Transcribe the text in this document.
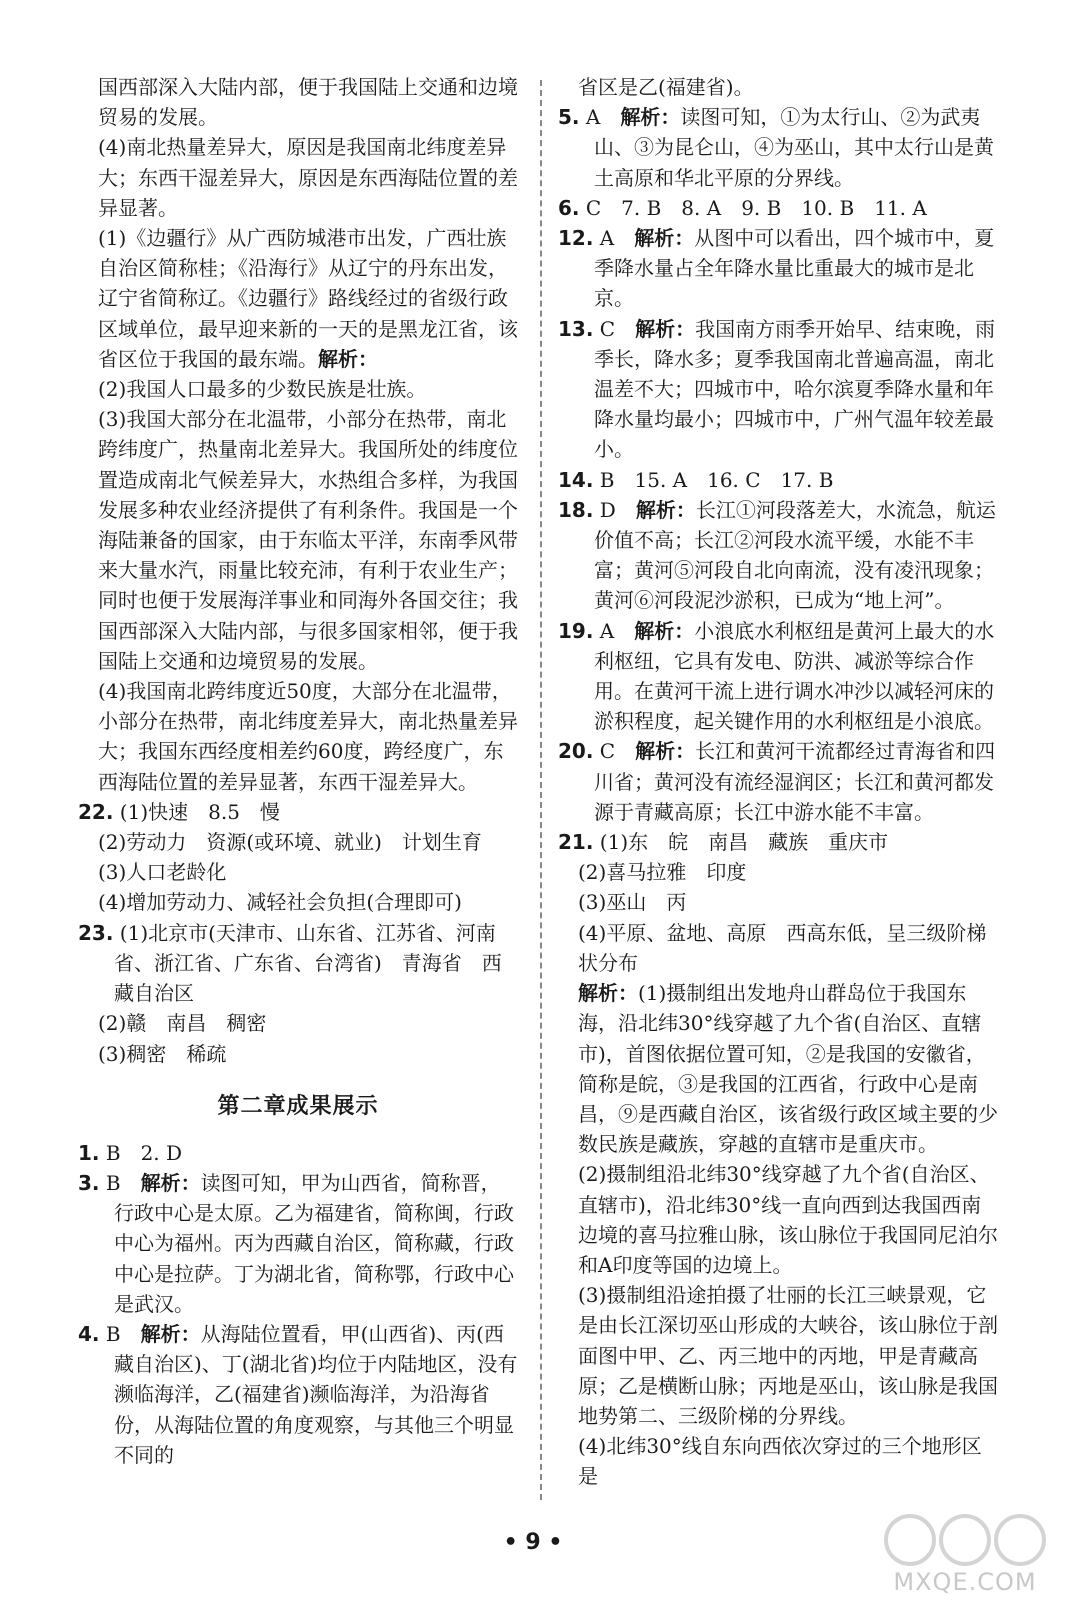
国西部深入大陆内部，便于我国陆上交通和边境贸易的发展。
(4)南北热量差异大，原因是我国南北纬度差异大；东西干湿差异大，原因是东西海陆位置的差异显著。
(1)《边疆行》从广西防城港市出发，广西壮族自治区简称桂；《沿海行》从辽宁的丹东出发，辽宁省简称辽。《边疆行》路线经过的省级行政区域单位，最早迎来新的一天的是黑龙江省，该省区位于我国的最东端。解析：
(2)我国人口最多的少数民族是壮族。
(3)我国大部分在北温带，小部分在热带，南北跨纬度广，热量南北差异大。我国所处的纬度位置造成南北气候差异大，水热组合多样，为我国发展多种农业经济提供了有利条件。我国是一个海陆兼备的国家，由于东临太平洋，东南季风带来大量水汽，雨量比较充沛，有利于农业生产；同时也便于发展海洋事业和同海外各国交往；我国西部深入大陆内部，与很多国家相邻，便于我国陆上交通和边境贸易的发展。
(4)我国南北跨纬度近50度，大部分在北温带，小部分在热带，南北纬度差异大，南北热量差异大；我国东西经度相差约60度，跨经度广，东西海陆位置的差异显著，东西干湿差异大。
22. (1)快速　8.5　慢
(2)劳动力　资源(或环境、就业)　计划生育
(3)人口老龄化
(4)增加劳动力、减轻社会负担(合理即可)
23. (1)北京市(天津市、山东省、江苏省、河南省、浙江省、广东省、台湾省)　青海省　西藏自治区
(2)赣　南昌　稠密
(3)稠密　稀疏
第二章成果展示
1. B　2. D
3. B　解析：读图可知，甲为山西省，简称晋，行政中心是太原。乙为福建省，简称闽，行政中心为福州。丙为西藏自治区，简称藏，行政中心是拉萨。丁为湖北省，简称鄂，行政中心是武汉。
4. B　解析：从海陆位置看，甲(山西省)、丙(西藏自治区)、丁(湖北省)均位于内陆地区，没有濒临海洋，乙(福建省)濒临海洋，为沿海省份，从海陆位置的角度观察，与其他三个明显不同的
省区是乙(福建省)。
5. A　解析：读图可知，①为太行山、②为武夷山、③为昆仑山，④为巫山，其中太行山是黄土高原和华北平原的分界线。
6. C　7. B　8. A　9. B　10. B　11. A
12. A　解析：从图中可以看出，四个城市中，夏季降水量占全年降水量比重最大的城市是北京。
13. C　解析：我国南方雨季开始早、结束晚，雨季长，降水多；夏季我国南北普遍高温，南北温差不大；四城市中，哈尔滨夏季降水量和年降水量均最小；四城市中，广州气温年较差最小。
14. B　15. A　16. C　17. B
18. D　解析：长江①河段落差大，水流急，航运价值不高；长江②河段水流平缓，水能不丰富；黄河⑤河段自北向南流，没有凌汛现象；黄河⑥河段泥沙淤积，已成为“地上河”。
19. A　解析：小浪底水利枢纽是黄河上最大的水利枢纽，它具有发电、防洪、减淤等综合作用。在黄河干流上进行调水冲沙以减轻河床的淤积程度，起关键作用的水利枢纽是小浪底。
20. C　解析：长江和黄河干流都经过青海省和四川省；黄河没有流经湿润区；长江和黄河都发源于青藏高原；长江中游水能不丰富。
21. (1)东　皖　南昌　藏族　重庆市
(2)喜马拉雅　印度
(3)巫山　丙
(4)平原、盆地、高原　西高东低，呈三级阶梯状分布
解析：(1)摄制组出发地舟山群岛位于我国东海，沿北纬30°线穿越了九个省(自治区、直辖市)，首图依据位置可知，②是我国的安徽省，简称是皖，③是我国的江西省，行政中心是南昌，⑨是西藏自治区，该省级行政区域主要的少数民族是藏族，穿越的直辖市是重庆市。
(2)摄制组沿北纬30°线穿越了九个省(自治区、直辖市)，沿北纬30°线一直向西到达我国西南边境的喜马拉雅山脉，该山脉位于我国同尼泊尔和A印度等国的边境上。
(3)摄制组沿途拍摄了壮丽的长江三峡景观，它是由长江深切巫山形成的大峡谷，该山脉位于剖面图中甲、乙、丙三地中的丙地，甲是青藏高原；乙是横断山脉；丙地是巫山，该山脉是我国地势第二、三级阶梯的分界线。
(4)北纬30°线自东向西依次穿过的三个地形区是
• 9 •
MXQE.COM
